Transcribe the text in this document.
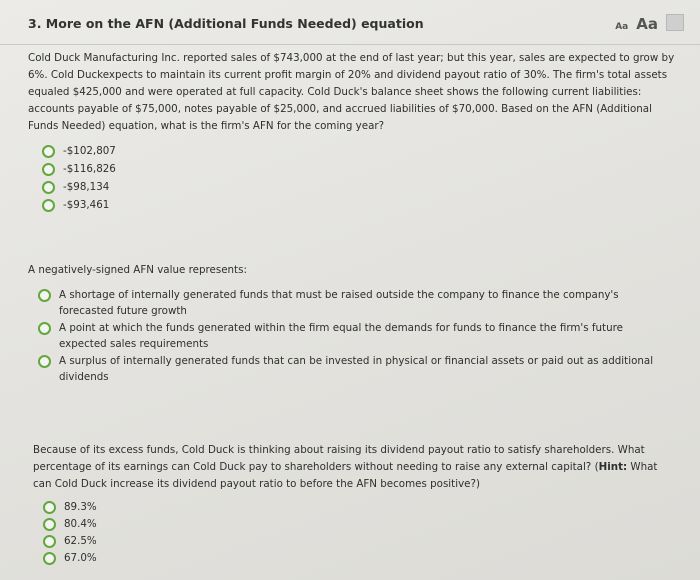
3. More on the AFN (Additional Funds Needed) equation	Aa Aa

Cold Duck Manufacturing Inc. reported sales of $743,000 at the end of last year; but this year, sales are expected to grow by 6%. Cold Duckexpects to maintain its current profit margin of 20% and dividend payout ratio of 30%. The firm's total assets equaled $425,000 and were operated at full capacity. Cold Duck's balance sheet shows the following current liabilities: accounts payable of $75,000, notes payable of $25,000, and accrued liabilities of $70,000. Based on the AFN (Additional Funds Needed) equation, what is the firm's AFN for the coming year?

-$102,807
-$116,826
-$98,134
-$93,461

A negatively-signed AFN value represents:

A shortage of internally generated funds that must be raised outside the company to finance the company's forecasted future growth
A point at which the funds generated within the firm equal the demands for funds to finance the firm's future expected sales requirements
A surplus of internally generated funds that can be invested in physical or financial assets or paid out as additional dividends

Because of its excess funds, Cold Duck is thinking about raising its dividend payout ratio to satisfy shareholders. What percentage of its earnings can Cold Duck pay to shareholders without needing to raise any external capital? (Hint: What can Cold Duck increase its dividend payout ratio to before the AFN becomes positive?)

89.3%
80.4%
62.5%
67.0%
